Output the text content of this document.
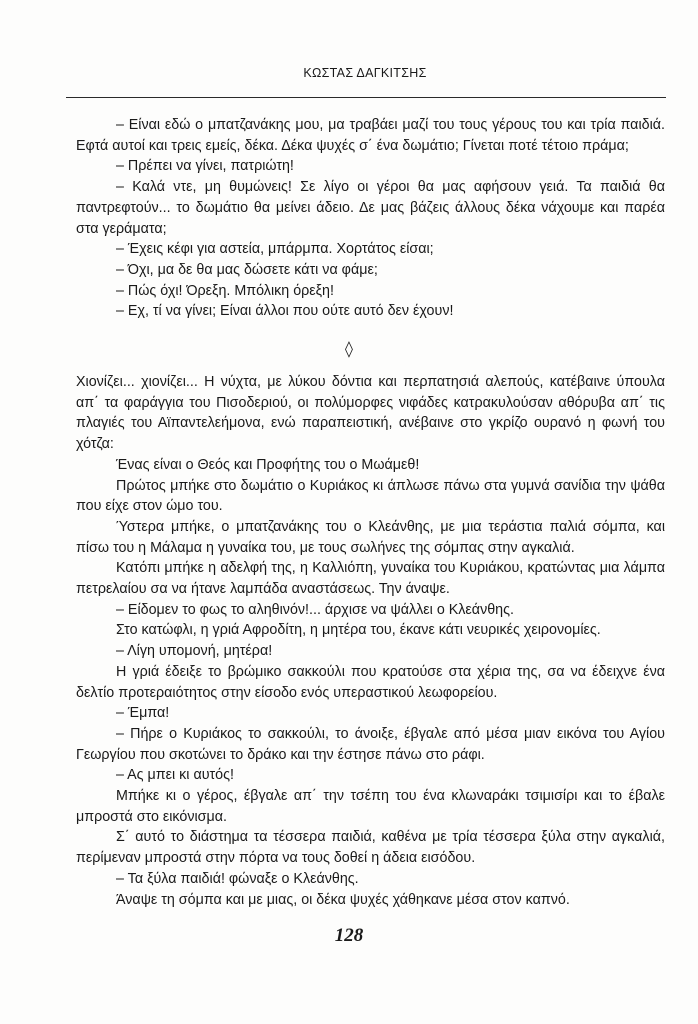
ΚΩΣΤΑΣ ΔΑΓΚΙΤΣΗΣ

– Είναι εδώ ο μπατζανάκης μου, μα τραβάει μαζί του τους γέρους του και τρία παιδιά. Εφτά αυτοί και τρεις εμείς, δέκα. Δέκα ψυχές σ΄ ένα δωμάτιο; Γίνεται ποτέ τέτοιο πράμα;

– Πρέπει να γίνει, πατριώτη!

– Καλά ντε, μη θυμώνεις! Σε λίγο οι γέροι θα μας αφήσουν γειά. Τα παιδιά θα παντρεφτούν... το δωμάτιο θα μείνει άδειο. Δε μας βάζεις άλλους δέκα νάχουμε και παρέα στα γεράματα;

– Έχεις κέφι για αστεία, μπάρμπα. Χορτάτος είσαι;

– Όχι, μα δε θα μας δώσετε κάτι να φάμε;

– Πώς όχι! Όρεξη. Μπόλικη όρεξη!

– Εχ, τί να γίνει; Είναι άλλοι που ούτε αυτό δεν έχουν!

◊

Χιονίζει... χιονίζει... Η νύχτα, με λύκου δόντια και περπατησιά αλεπούς, κατέβαινε ύπουλα απ΄ τα φαράγγια του Πισοδεριού, οι πολύμορφες νιφάδες κατρακυλούσαν αθόρυβα απ΄ τις πλαγιές του Αϊπαντελεήμονα, ενώ παραπειστική, ανέβαινε στο γκρίζο ουρανό η φωνή του χότζα:

Ένας είναι ο Θεός και Προφήτης του ο Μωάμεθ!

Πρώτος μπήκε στο δωμάτιο ο Κυριάκος κι άπλωσε πάνω στα γυμνά σανίδια την ψάθα που είχε στον ώμο του.

Ύστερα μπήκε, ο μπατζανάκης του ο Κλεάνθης, με μια τεράστια παλιά σόμπα, και πίσω του η Μάλαμα η γυναίκα του, με τους σωλήνες της σόμπας στην αγκαλιά.

Κατόπι μπήκε η αδελφή της, η Καλλιόπη, γυναίκα του Κυριάκου, κρατώντας μια λάμπα πετρελαίου σα να ήτανε λαμπάδα αναστάσεως. Την άναψε.

– Είδομεν το φως το αληθινόν!... άρχισε να ψάλλει ο Κλεάνθης.

Στο κατώφλι, η γριά Αφροδίτη, η μητέρα του, έκανε κάτι νευρικές χειρονομίες.

– Λίγη υπομονή, μητέρα!

Η γριά έδειξε το βρώμικο σακκούλι που κρατούσε στα χέρια της, σα να έδειχνε ένα δελτίο προτεραιότητος στην είσοδο ενός υπεραστικού λεωφορείου.

– Έμπα!

– Πήρε ο Κυριάκος το σακκούλι, το άνοιξε, έβγαλε από μέσα μιαν εικόνα του Αγίου Γεωργίου που σκοτώνει το δράκο και την έστησε πάνω στο ράφι.

– Ας μπει κι αυτός!

Μπήκε κι ο γέρος, έβγαλε απ΄ την τσέπη του ένα κλωναράκι τσιμισίρι και το έβαλε μπροστά στο εικόνισμα.

Σ΄ αυτό το διάστημα τα τέσσερα παιδιά, καθένα με τρία τέσσερα ξύλα στην αγκαλιά, περίμεναν μπροστά στην πόρτα να τους δοθεί η άδεια εισόδου.

– Τα ξύλα παιδιά! φώναξε ο Κλεάνθης.

Άναψε τη σόμπα και με μιας, οι δέκα ψυχές χάθηκανε μέσα στον καπνό.

128
